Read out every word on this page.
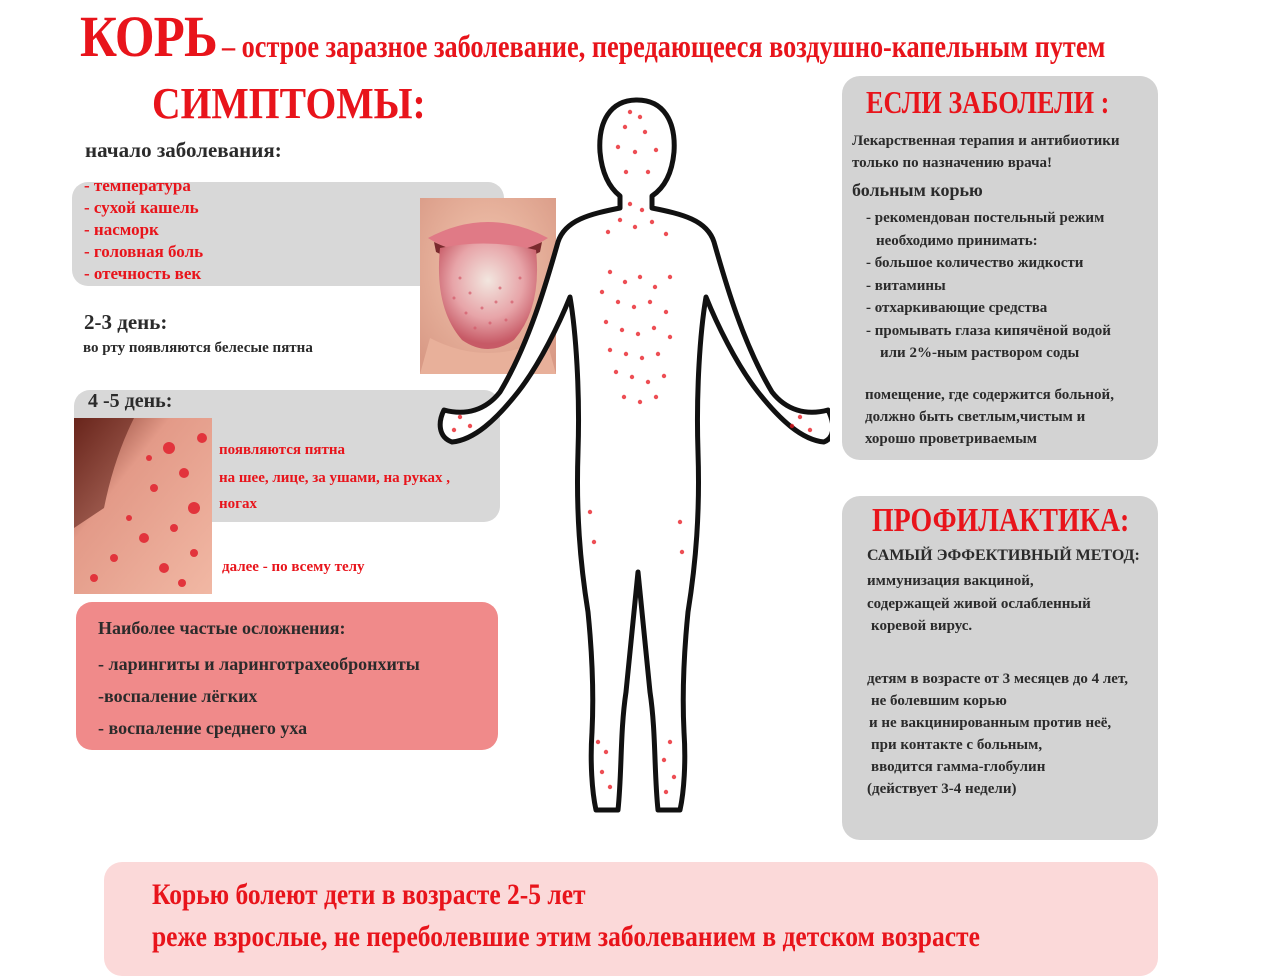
КОРЬ – острое заразное заболевание, передающееся воздушно-капельным путем
СИМПТОМЫ:
начало заболевания:
- температура
- сухой кашель
- насморк
- головная боль
- отечность век
2-3 день:
во рту появляются белесые пятна
4 -5 день:
появляются пятна
на шее, лице, за ушами, на руках ,
ногах
далее - по всему телу
Наиболее частые осложнения:
- ларингиты и ларинготрахеобронхиты
-воспаление лёгких
- воспаление среднего уха
ЕСЛИ ЗАБОЛЕЛИ :
Лекарственная терапия и антибиотики
только по назначению врача!
больным корью
- рекомендован постельный режим
необходимо принимать:
- большое количество жидкости
- витамины
- отхаркивающие средства
- промывать глаза кипячёной водой
или 2%-ным раствором соды
помещение, где содержится больной,
должно быть светлым,чистым и
хорошо проветриваемым
ПРОФИЛАКТИКА:
САМЫЙ ЭФФЕКТИВНЫЙ МЕТОД:
иммунизация вакциной,
содержащей живой ослабленный
коревой вирус.
детям в возрасте от 3 месяцев до 4 лет,
не болевшим корью
и не вакцинированным против неё,
при контакте с больным,
вводится гамма-глобулин
(действует 3-4 недели)
Корью болеют дети в возрасте 2-5 лет
реже взрослые, не переболевшие этим заболеванием в детском возрасте
